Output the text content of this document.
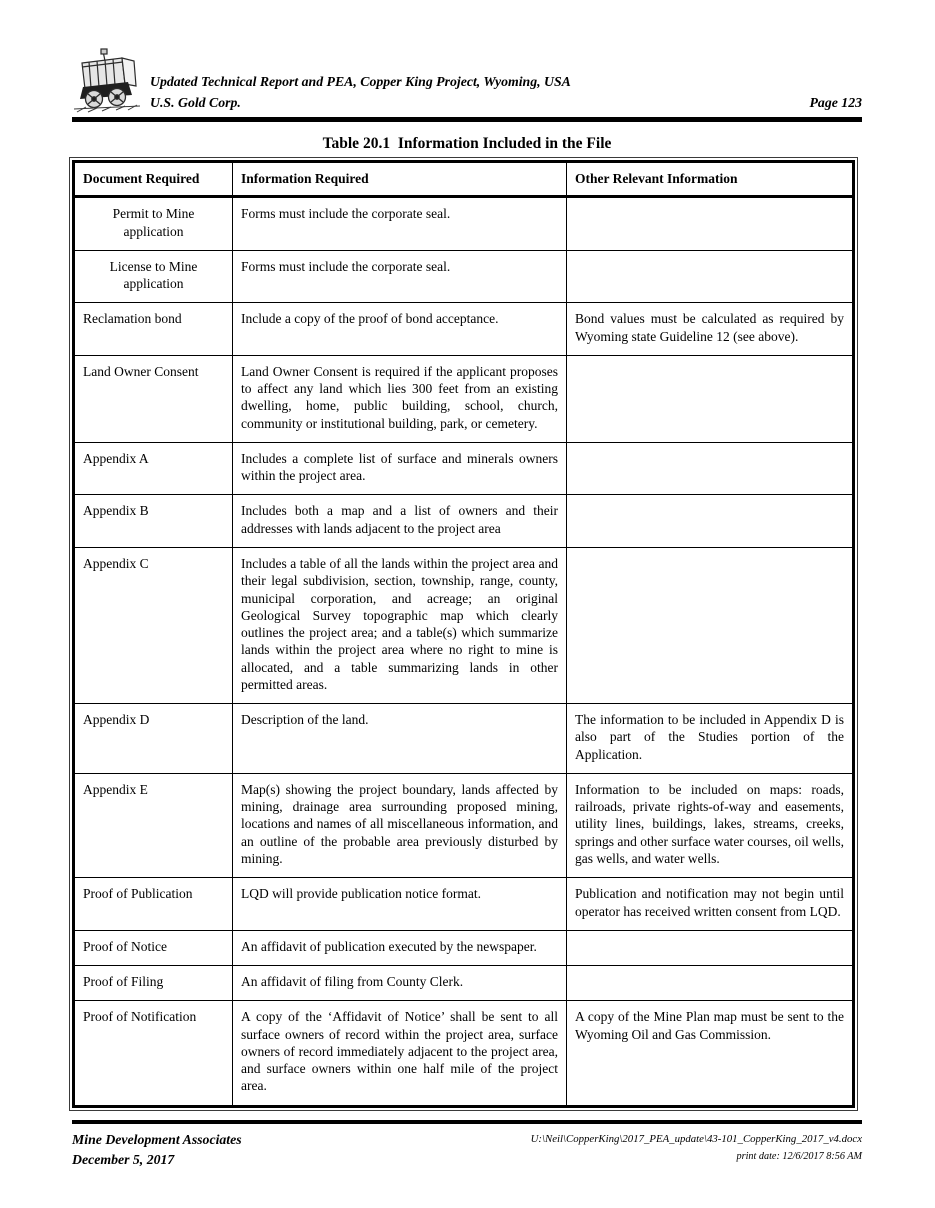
Updated Technical Report and PEA, Copper King Project, Wyoming, USA
U.S. Gold Corp.	Page 123
Table 20.1  Information Included in the File
Document Required	Information Required	Other Relevant Information
Permit to Mine application	Forms must include the corporate seal.	
License to Mine application	Forms must include the corporate seal.	
Reclamation bond	Include a copy of the proof of bond acceptance.	Bond values must be calculated as required by Wyoming state Guideline 12 (see above).
Land Owner Consent	Land Owner Consent is required if the applicant proposes to affect any land which lies 300 feet from an existing dwelling, home, public building, school, church, community or institutional building, park, or cemetery.	
Appendix A	Includes a complete list of surface and minerals owners within the project area.	
Appendix B	Includes both a map and a list of owners and their addresses with lands adjacent to the project area	
Appendix C	Includes a table of all the lands within the project area and their legal subdivision, section, township, range, county, municipal corporation, and acreage; an original Geological Survey topographic map which clearly outlines the project area; and a table(s) which summarize lands within the project area where no right to mine is allocated, and a table summarizing lands in other permitted areas.	
Appendix D	Description of the land.	The information to be included in Appendix D is also part of the Studies portion of the Application.
Appendix E	Map(s) showing the project boundary, lands affected by mining, drainage area surrounding proposed mining, locations and names of all miscellaneous information, and an outline of the probable area previously disturbed by mining.	Information to be included on maps: roads, railroads, private rights-of-way and easements, utility lines, buildings, lakes, streams, creeks, springs and other surface water courses, oil wells, gas wells, and water wells.
Proof of Publication	LQD will provide publication notice format.	Publication and notification may not begin until operator has received written consent from LQD.
Proof of Notice	An affidavit of publication executed by the newspaper.	
Proof of Filing	An affidavit of filing from County Clerk.	
Proof of Notification	A copy of the ‘Affidavit of Notice’ shall be sent to all surface owners of record within the project area, surface owners of record immediately adjacent to the project area, and surface owners within one half mile of the project area.	A copy of the Mine Plan map must be sent to the Wyoming Oil and Gas Commission.
Mine Development Associates
December 5, 2017
U:\Neil\CopperKing\2017_PEA_update\43-101_CopperKing_2017_v4.docx
print date: 12/6/2017 8:56 AM
